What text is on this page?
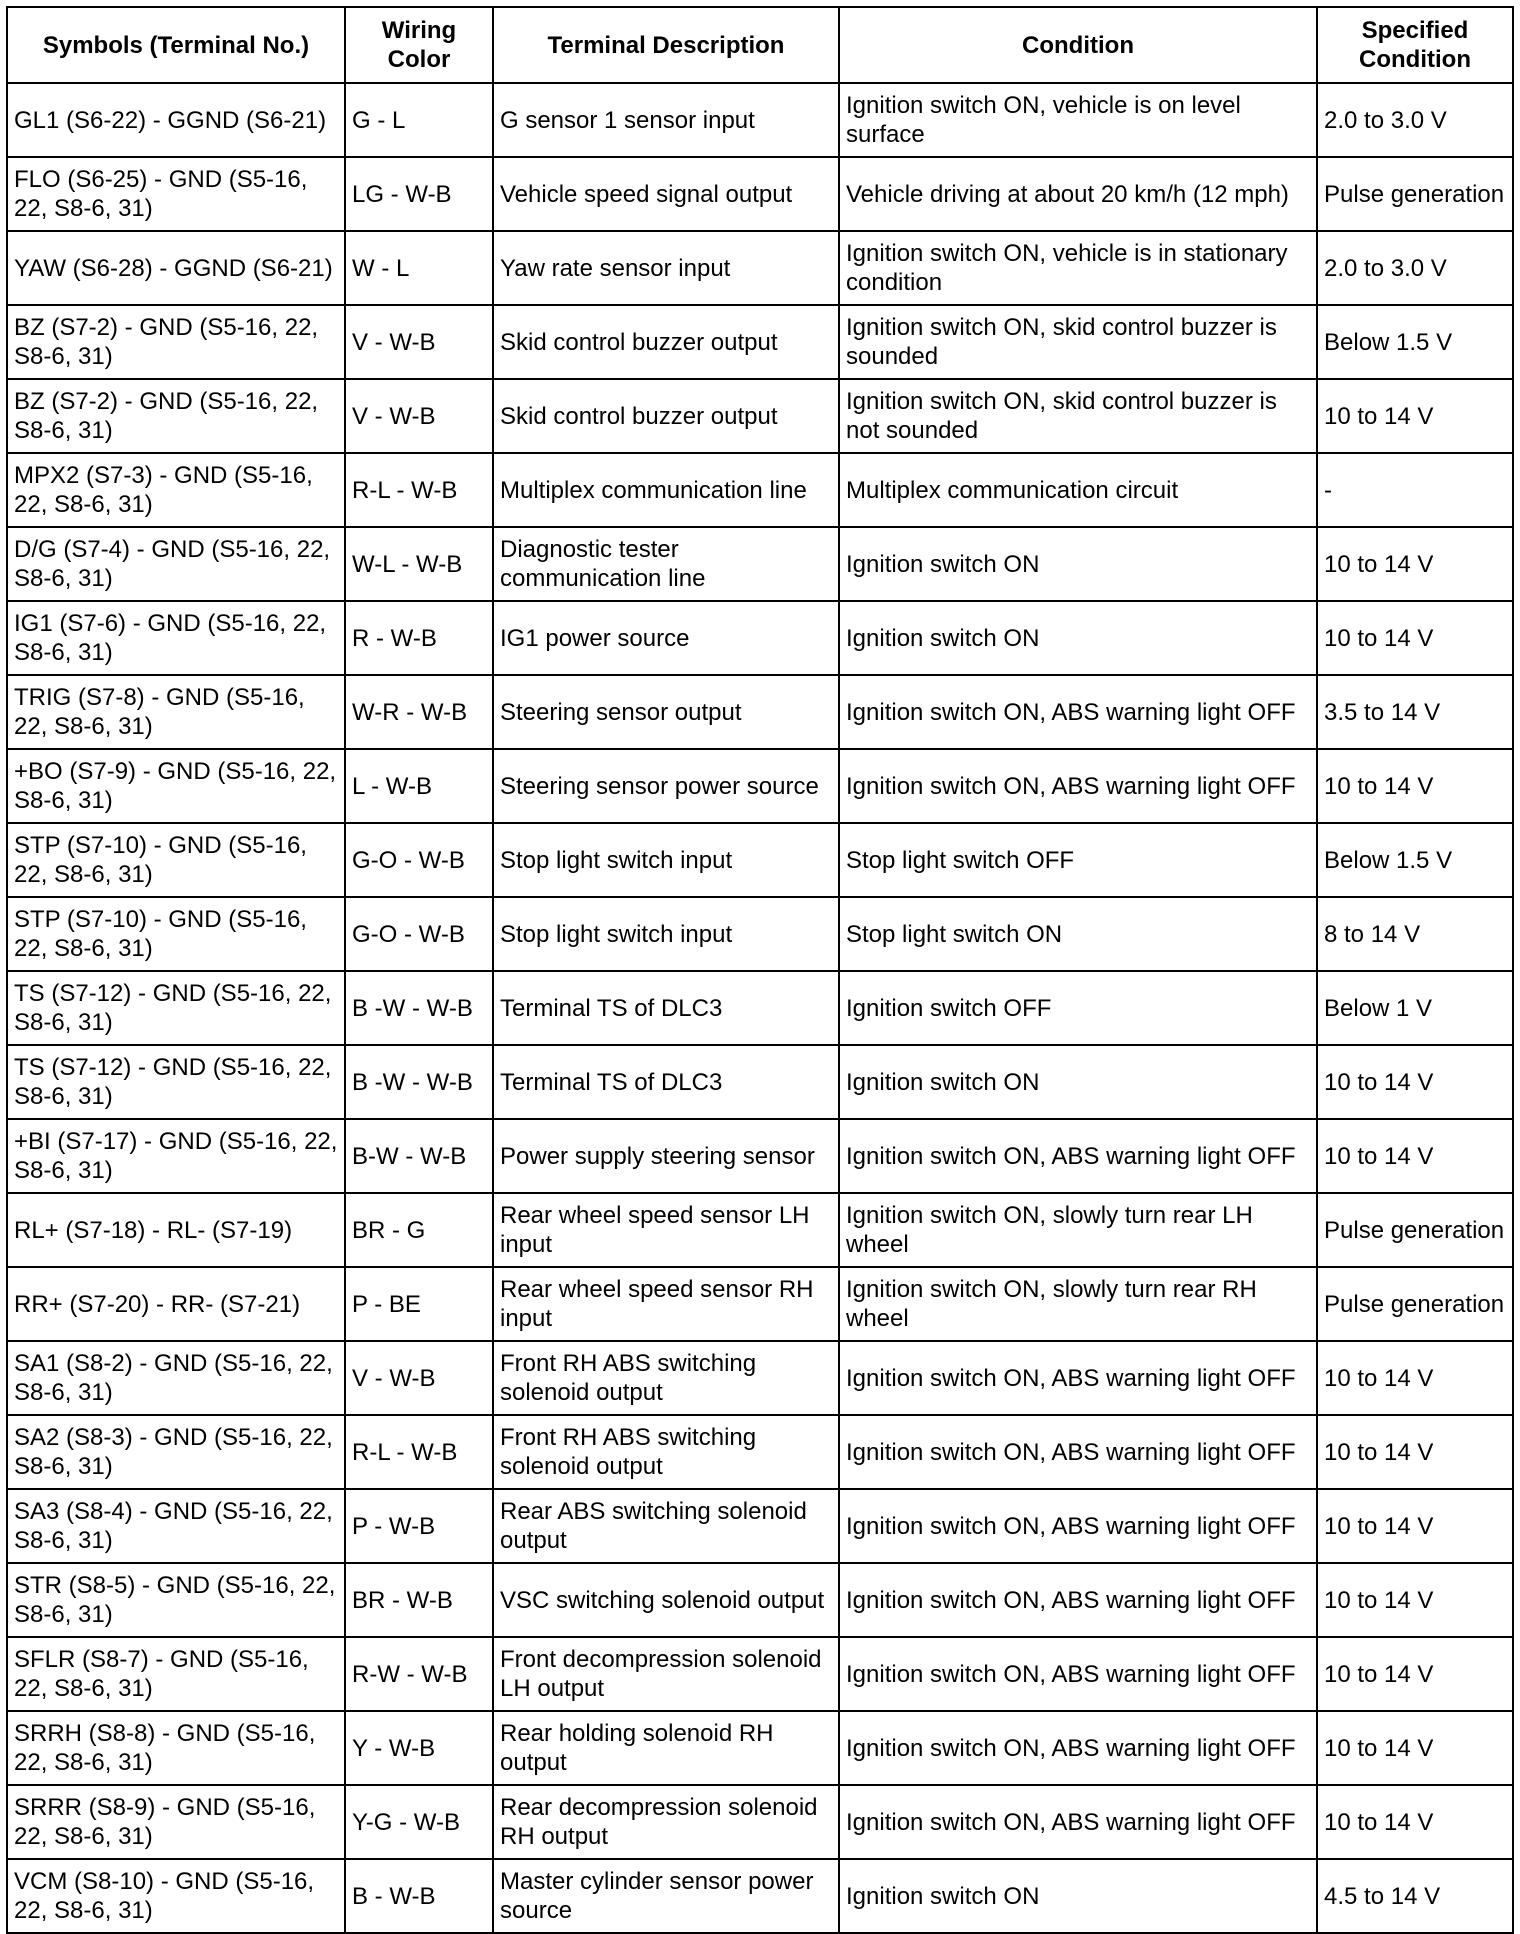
Symbols (Terminal No.)	Wiring Color	Terminal Description	Condition	Specified Condition
GL1 (S6-22) - GGND (S6-21)	G - L	G sensor 1 sensor input	Ignition switch ON, vehicle is on level surface	2.0 to 3.0 V
FLO (S6-25) - GND (S5-16, 22, S8-6, 31)	LG - W-B	Vehicle speed signal output	Vehicle driving at about 20 km/h (12 mph)	Pulse generation
YAW (S6-28) - GGND (S6-21)	W - L	Yaw rate sensor input	Ignition switch ON, vehicle is in stationary condition	2.0 to 3.0 V
BZ (S7-2) - GND (S5-16, 22, S8-6, 31)	V - W-B	Skid control buzzer output	Ignition switch ON, skid control buzzer is sounded	Below 1.5 V
BZ (S7-2) - GND (S5-16, 22, S8-6, 31)	V - W-B	Skid control buzzer output	Ignition switch ON, skid control buzzer is not sounded	10 to 14 V
MPX2 (S7-3) - GND (S5-16, 22, S8-6, 31)	R-L - W-B	Multiplex communication line	Multiplex communication circuit	-
D/G (S7-4) - GND (S5-16, 22, S8-6, 31)	W-L - W-B	Diagnostic tester communication line	Ignition switch ON	10 to 14 V
IG1 (S7-6) - GND (S5-16, 22, S8-6, 31)	R - W-B	IG1 power source	Ignition switch ON	10 to 14 V
TRIG (S7-8) - GND (S5-16, 22, S8-6, 31)	W-R - W-B	Steering sensor output	Ignition switch ON, ABS warning light OFF	3.5 to 14 V
+BO (S7-9) - GND (S5-16, 22, S8-6, 31)	L - W-B	Steering sensor power source	Ignition switch ON, ABS warning light OFF	10 to 14 V
STP (S7-10) - GND (S5-16, 22, S8-6, 31)	G-O - W-B	Stop light switch input	Stop light switch OFF	Below 1.5 V
STP (S7-10) - GND (S5-16, 22, S8-6, 31)	G-O - W-B	Stop light switch input	Stop light switch ON	8 to 14 V
TS (S7-12) - GND (S5-16, 22, S8-6, 31)	B -W - W-B	Terminal TS of DLC3	Ignition switch OFF	Below 1 V
TS (S7-12) - GND (S5-16, 22, S8-6, 31)	B -W - W-B	Terminal TS of DLC3	Ignition switch ON	10 to 14 V
+BI (S7-17) - GND (S5-16, 22, S8-6, 31)	B-W - W-B	Power supply steering sensor	Ignition switch ON, ABS warning light OFF	10 to 14 V
RL+ (S7-18) - RL- (S7-19)	BR - G	Rear wheel speed sensor LH input	Ignition switch ON, slowly turn rear LH wheel	Pulse generation
RR+ (S7-20) - RR- (S7-21)	P - BE	Rear wheel speed sensor RH input	Ignition switch ON, slowly turn rear RH wheel	Pulse generation
SA1 (S8-2) - GND (S5-16, 22, S8-6, 31)	V - W-B	Front RH ABS switching solenoid output	Ignition switch ON, ABS warning light OFF	10 to 14 V
SA2 (S8-3) - GND (S5-16, 22, S8-6, 31)	R-L - W-B	Front RH ABS switching solenoid output	Ignition switch ON, ABS warning light OFF	10 to 14 V
SA3 (S8-4) - GND (S5-16, 22, S8-6, 31)	P - W-B	Rear ABS switching solenoid output	Ignition switch ON, ABS warning light OFF	10 to 14 V
STR (S8-5) - GND (S5-16, 22, S8-6, 31)	BR - W-B	VSC switching solenoid output	Ignition switch ON, ABS warning light OFF	10 to 14 V
SFLR (S8-7) - GND (S5-16, 22, S8-6, 31)	R-W - W-B	Front decompression solenoid LH output	Ignition switch ON, ABS warning light OFF	10 to 14 V
SRRH (S8-8) - GND (S5-16, 22, S8-6, 31)	Y - W-B	Rear holding solenoid RH output	Ignition switch ON, ABS warning light OFF	10 to 14 V
SRRR (S8-9) - GND (S5-16, 22, S8-6, 31)	Y-G - W-B	Rear decompression solenoid RH output	Ignition switch ON, ABS warning light OFF	10 to 14 V
VCM (S8-10) - GND (S5-16, 22, S8-6, 31)	B - W-B	Master cylinder sensor power source	Ignition switch ON	4.5 to 14 V
